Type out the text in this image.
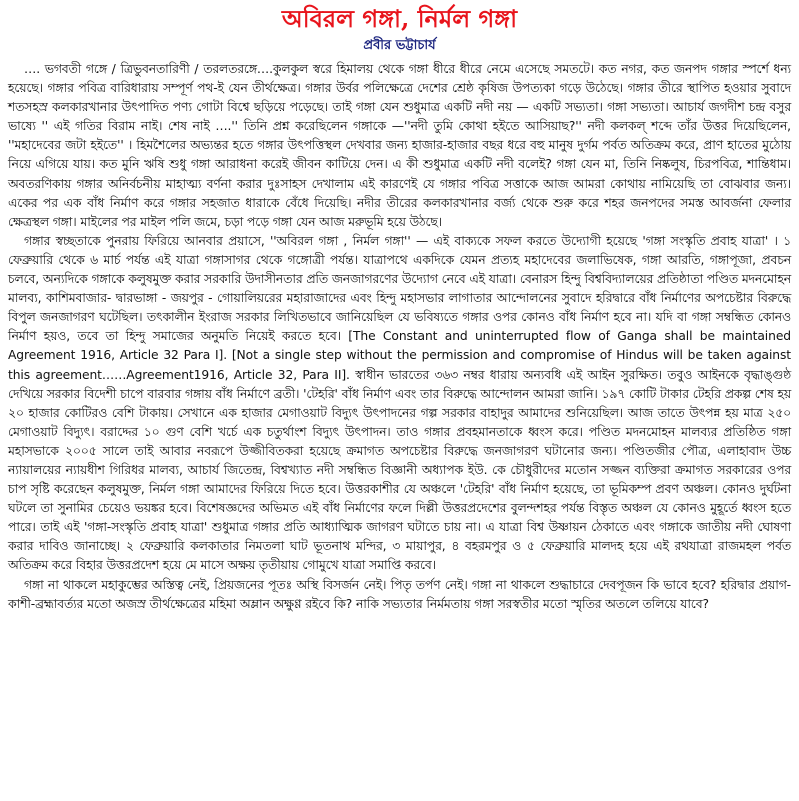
অবিরল গঙ্গা, নির্মল গঙ্গা
প্রবীর ভট্টাচার্য

…. ভগবতী গঙ্গে / ত্রিভুবনতারিণী / তরলতরঙ্গে….কুলকুল স্বরে হিমালয় থেকে গঙ্গা ধীরে ধীরে নেমে এসেছে সমতটে। কত নগর, কত জনপদ গঙ্গার স্পর্শে ধন্য হয়েছে। গঙ্গার পবিত্র বারিধারায় সম্পূর্ণ পথ-ই যেন তীর্থক্ষেত্র। গঙ্গার উর্বর পলিক্ষেত্রে দেশের শ্রেষ্ঠ কৃষিজ উপত্যকা গড়ে উঠেছে। গঙ্গার তীরে স্থাপিত হওয়ার সুবাদে শতসহস্র কলকারখানার উৎপাদিত পণ্য গোটা বিশ্বে ছড়িয়ে পড়েছে। তাই গঙ্গা যেন শুধুমাত্র একটি নদী নয় — একটি সভ্যতা। গঙ্গা সভ্যতা। আচার্য জগদীশ চন্দ্র বসুর ভাষ্যে '' এই গতির বিরাম নাই। শেষ নাই ….'' তিনি প্রশ্ন করেছিলেন গঙ্গাকে —''নদী তুমি কোথা হইতে আসিয়াছ?'' নদী কলকল্ শব্দে তাঁর উত্তর দিয়েছিলেন, ''মহাদেবের জটা হইতে'' । হিমশৈলের অভ্যন্তর হতে গঙ্গার উৎপত্তিস্থল দেখবার জন্য হাজার-হাজার বছর ধরে বহু মানুষ দুর্গম পর্বত অতিক্রম করে, প্রাণ হাতের মুঠোয় নিয়ে এগিয়ে যায়। কত মুনি ঋষি শুধু গঙ্গা আরাধনা করেই জীবন কাটিয়ে দেন। এ কী শুধুমাত্র একটি নদী বলেই? গঙ্গা যেন মা, তিনি নিষ্কলুষ, চিরপবিত্র, শান্তিধাম। অবতরণিকায় গঙ্গার অনির্বচনীয় মাহাত্ম্য বর্ণনা করার দুঃসাহস দেখালাম এই কারণেই যে গঙ্গার পবিত্র সত্তাকে আজ আমরা কোথায় নামিয়েছি তা বোঝবার জন্য। একের পর এক বাঁধ নির্মাণ করে গঙ্গার সহজাত ধারাকে বেঁধে দিয়েছি। নদীর তীরের কলকারখানার বর্জ্য থেকে শুরু করে শহর জনপদের সমস্ত আবর্জনা ফেলার ক্ষেত্রস্থল গঙ্গা। মাইলের পর মাইল পলি জমে, চড়া পড়ে গঙ্গা যেন আজ মরুভূমি হয়ে উঠছে।

গঙ্গার স্বচ্ছতাকে পুনরায় ফিরিয়ে আনবার প্রয়াসে, ''অবিরল গঙ্গা , নির্মল গঙ্গা'' — এই বাক্যকে সফল করতে উদ্যোগী হয়েছে 'গঙ্গা সংস্কৃতি প্রবাহ যাত্রা' । ১ ফেব্রুয়ারি থেকে ৬ মার্চ পর্যন্ত এই যাত্রা গঙ্গাসাগর থেকে গঙ্গোত্রী পর্যন্ত। যাত্রাপথে একদিকে যেমন প্রত্যহ মহাদেবের জলাভিষেক, গঙ্গা আরতি, গঙ্গাপূজা, প্রবচন চলবে, অন্যদিকে গঙ্গাকে কলুষমুক্ত করার সরকারি উদাসীনতার প্রতি জনজাগরণের উদ্যোগ নেবে এই যাত্রা। বেনারস হিন্দু বিশ্ববিদ্যালয়ের প্রতিষ্ঠাতা পণ্ডিত মদনমোহন মালব্য, কাশিমবাজার- দ্বারভাঙ্গা - জয়পুর - গোয়ালিয়রের মহারাজাদের এবং হিন্দু মহাসভার লাগাতার আন্দোলনের সুবাদে হরিদ্বারে বাঁধ নির্মাণের অপচেষ্টার বিরুদ্ধে বিপুল জনজাগরণ ঘটেছিল। তৎকালীন ইংরাজ সরকার লিখিতভাবে জানিয়েছিল যে ভবিষ্যতে গঙ্গার ওপর কোনও বাঁধ নির্মাণ হবে না। যদি বা গঙ্গা সম্বন্ধিত কোনও নির্মাণ হয়ও, তবে তা হিন্দু সমাজের অনুমতি নিয়েই করতে হবে। [The Constant and uninterrupted flow of Ganga shall be maintained Agreement 1916, Article 32 Para I]. [Not a single step without the permission and compromise of Hindus will be taken against this agreement……Agreement1916, Article 32, Para II]. স্বাধীন ভারতের ৩৬৩ নম্বর ধারায় অন্যবধি এই আইন সুরক্ষিত। তবুও আইনকে বৃদ্ধাঙ্গুষ্ঠ দেখিয়ে সরকার বিদেশী চাপে বারবার গঙ্গায় বাঁধ নির্মাণে ব্রতী। 'টেহরি' বাঁধ নির্মাণ এবং তার বিরুদ্ধে আন্দোলন আমরা জানি। ১৯৭ কোটি টাকার টেহরি প্রকল্প শেষ হয় ২০ হাজার কোটিরও বেশি টাকায়। সেখানে এক হাজার মেগাওয়াট বিদ্যুৎ উৎপাদনের গল্প সরকার বাহাদুর আমাদের শুনিয়েছিল। আজ তাতে উৎপন্ন হয় মাত্র ২৫০ মেগাওয়াট বিদ্যুৎ। বরাদ্দের ১০ গুণ বেশি খর্চে এক চতুর্থাংশ বিদ্যুৎ উৎপাদন। তাও গঙ্গার প্রবহমানতাকে ধ্বংস করে। পণ্ডিত মদনমোহন মালব্যর প্রতিষ্ঠিত গঙ্গা মহাসভাকে ২০০৫ সালে তাই আবার নবরূপে উজ্জীবিতকরা হয়েছে ক্রমাগত অপচেষ্টার বিরুদ্ধে জনজাগরণ ঘটানোর জন্য। পণ্ডিতজীর পৌত্র, এলাহাবাদ উচ্চ ন্যায়ালয়ের ন্যায়ধীশ গিরিধর মালব্য, আচার্য জিতেন্দ্র, বিশ্বখ্যাত নদী সম্বন্ধিত বিজ্ঞানী অধ্যাপক ইউ. কে চৌধুরীদের মতোন সজ্জন ব্যক্তিরা ক্রমাগত সরকারের ওপর চাপ সৃষ্টি করেছেন কলুষমুক্ত, নির্মল গঙ্গা আমাদের ফিরিয়ে দিতে হবে। উত্তরকাশীর যে অঞ্চলে 'টেহরি' বাঁধ নির্মাণ হয়েছে, তা ভূমিকম্প প্রবণ অঞ্চল। কোনও দুর্ঘটনা ঘটলে তা সুনামির চেয়েও ভয়ঙ্কর হবে। বিশেষজ্ঞদের অভিমত এই বাঁধ নির্মাণের ফলে দিল্লী উত্তরপ্রদেশের বুলন্দশহর পর্যন্ত বিস্তৃত অঞ্চল যে কোনও মুহূর্তে ধ্বংস হতে পারে। তাই এই 'গঙ্গা-সংস্কৃতি প্রবাহ যাত্রা' শুধুমাত্র গঙ্গার প্রতি আধ্যাত্মিক জাগরণ ঘটাতে চায় না। এ যাত্রা বিশ্ব উষ্ণায়ন ঠেকাতে এবং গঙ্গাকে জাতীয় নদী ঘোষণা করার দাবিও জানাচ্ছে। ২ ফেব্রুয়ারি কলকাতার নিমতলা ঘাট ভূতনাথ মন্দির, ৩ মায়াপুর, ৪ বহরমপুর ও ৫ ফেব্রুয়ারি মালদহ হয়ে এই রথযাত্রা রাজমহল পর্বত অতিক্রম করে বিহার উত্তরপ্রদেশ হয়ে মে মাসে অক্ষয় তৃতীয়ায় গোমুখে যাত্রা সমাপ্তি করবে।

গঙ্গা না থাকলে মহাকুম্ভের অস্তিত্ব নেই, প্রিয়জনের পূতঃ অস্থি বিসর্জন নেই। পিতৃ তর্পণ নেই। গঙ্গা না থাকলে শুদ্ধাচারে দেবপূজন কি ভাবে হবে? হরিদ্বার প্রয়াগ-কাশী-ব্রহ্মাবর্ত্যর মতো অজস্র তীর্থক্ষেত্রের মহিমা অম্লান অক্ষুণ্ণ রইবে কি? নাকি সভ্যতার নির্মমতায় গঙ্গা সরস্বতীর মতো স্মৃতির অতলে তলিয়ে যাবে?
